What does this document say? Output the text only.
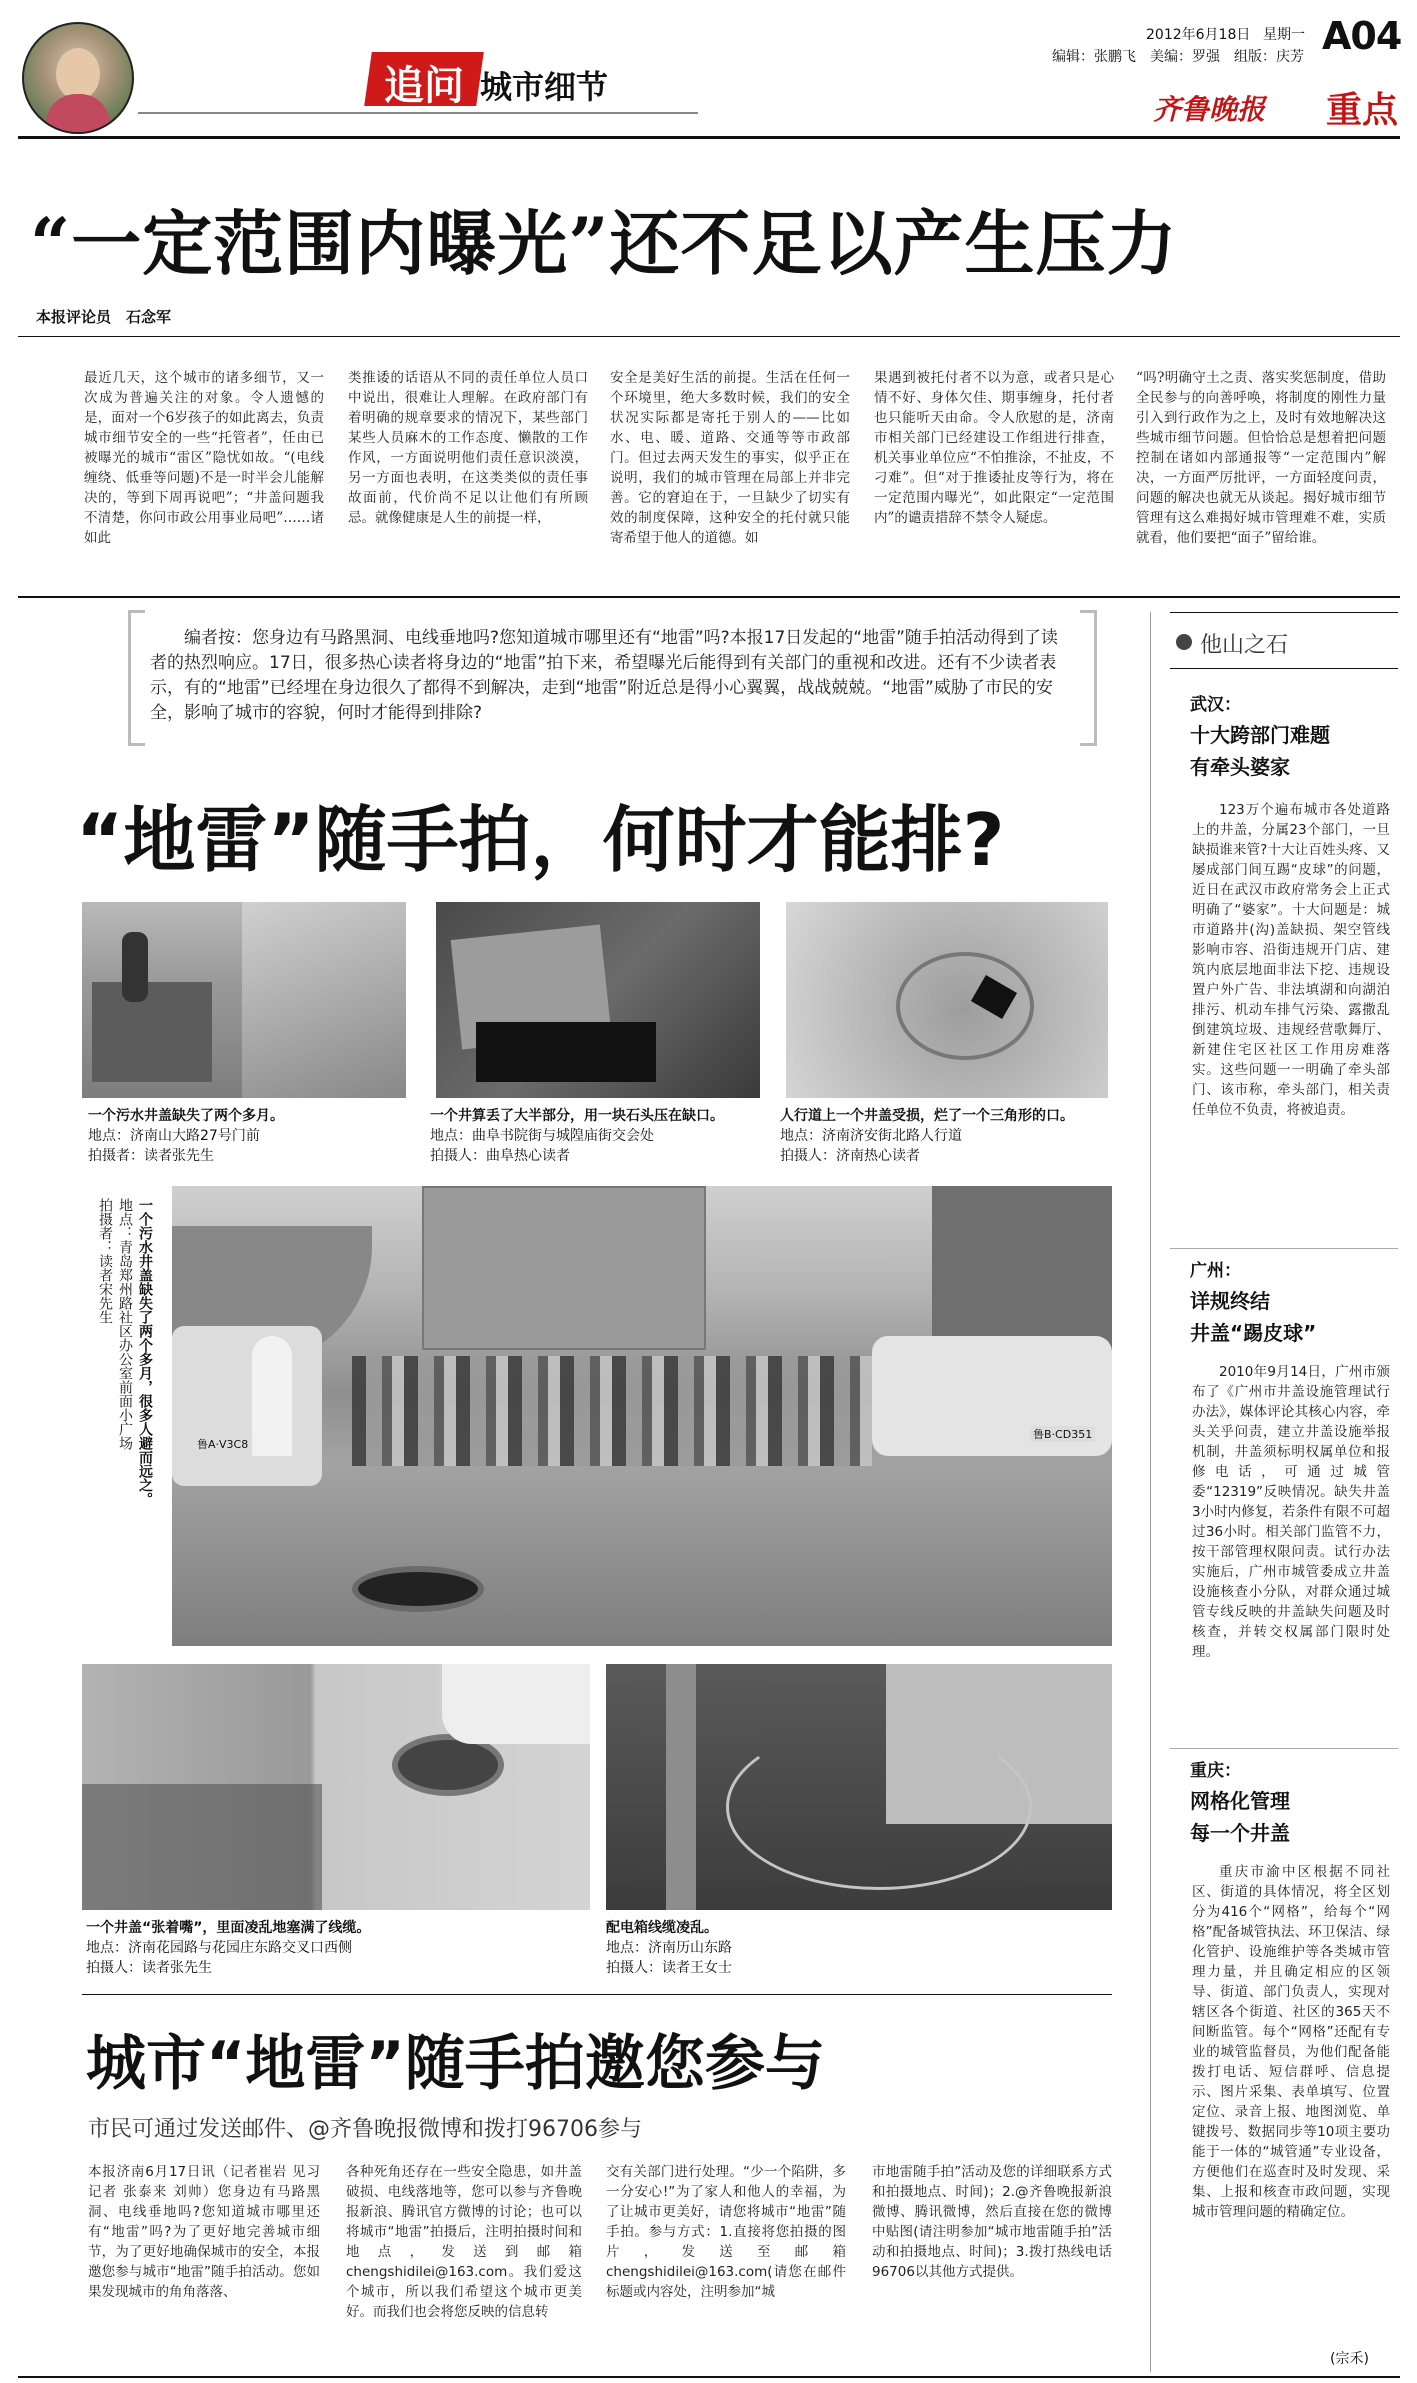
追问 城市细节
2012年6月18日 星期一 A04
编辑：张鹏飞　美编：罗强　组版：庆芳
齐鲁晚报 重点
“一定范围内曝光”还不足以产生压力
本报评论员　石念军
最近几天，这个城市的诸多细节，又一次成为普遍关注的对象。令人遗憾的是，面对一个6岁孩子的如此离去，负责城市细节安全的一些“托管者”，任由已被曝光的城市“雷区”隐忧如故。“(电线缠绕、低垂等问题)不是一时半会儿能解决的，等到下周再说吧”；“井盖问题我不清楚，你问市政公用事业局吧”……诸如此
类推诿的话语从不同的责任单位人员口中说出，很难让人理解。在政府部门有着明确的规章要求的情况下，某些部门某些人员麻木的工作态度、懒散的工作作风，一方面说明他们责任意识淡漠，另一方面也表明，在这类类似的责任事故面前，代价尚不足以让他们有所顾忌。就像健康是人生的前提一样，
安全是美好生活的前提。生活在任何一个环境里，绝大多数时候，我们的安全状况实际都是寄托于别人的——比如水、电、暖、道路、交通等等市政部门。但过去两天发生的事实，似乎正在说明，我们的城市管理在局部上并非完善。它的窘迫在于，一旦缺少了切实有效的制度保障，这种安全的托付就只能寄希望于他人的道德。如
果遇到被托付者不以为意，或者只是心情不好、身体欠佳、期事缠身，托付者也只能听天由命。令人欣慰的是，济南市相关部门已经建设工作组进行排查，机关事业单位应“不怕推涂，不扯皮，不刁难”。但“对于推诿扯皮等行为，将在一定范围内曝光”，如此限定“一定范围内”的谴责措辞不禁令人疑虑。
“吗?明确守土之责、落实奖惩制度，借助全民参与的向善呼唤，将制度的刚性力量引入到行政作为之上，及时有效地解决这些城市细节问题。但恰恰总是想着把问题控制在诸如内部通报等“一定范围内”解决，一方面严厉批评，一方面轻度问责，问题的解决也就无从谈起。揭好城市细节管理有这么难揭好城市管理难不难，实质就看，他们要把“面子”留给谁。
编者按：您身边有马路黑洞、电线垂地吗?您知道城市哪里还有“地雷”吗?本报17日发起的“地雷”随手拍活动得到了读者的热烈响应。17日，很多热心读者将身边的“地雷”拍下来，希望曝光后能得到有关部门的重视和改进。还有不少读者表示，有的“地雷”已经埋在身边很久了都得不到解决，走到“地雷”附近总是得小心翼翼，战战兢兢。“地雷”威胁了市民的安全，影响了城市的容貌，何时才能得到排除?
“地雷”随手拍，何时才能排?
一个污水井盖缺失了两个多月。
地点：济南山大路27号门前
拍摄者：读者张先生
一个井算丢了大半部分，用一块石头压在缺口。
地点：曲阜书院街与城隍庙街交会处
拍摄人：曲阜热心读者
人行道上一个井盖受损，烂了一个三角形的口。
地点：济南济安街北路人行道
拍摄人：济南热心读者
一个污水井盖缺失了两个多月，很多人避而远之。
地点：青岛郑州路社区办公室前面小广场
拍摄者：读者宋先生
鲁A·V3C8
鲁B·CD351
一个井盖“张着嘴”，里面凌乱地塞满了线缆。
地点：济南花园路与花园庄东路交叉口西侧
拍摄人：读者张先生
配电箱线缆凌乱。
地点：济南历山东路
拍摄人：读者王女士
城市“地雷”随手拍邀您参与
市民可通过发送邮件、@齐鲁晚报微博和拨打96706参与
本报济南6月17日讯（记者崔岩 见习记者 张泰来 刘帅）您身边有马路黑洞、电线垂地吗?您知道城市哪里还有“地雷”吗?为了更好地完善城市细节，为了更好地确保城市的安全，本报邀您参与城市“地雷”随手拍活动。您如果发现城市的角角落落、
各种死角还存在一些安全隐患，如井盖破损、电线落地等，您可以参与齐鲁晚报新浪、腾讯官方微博的讨论；也可以将城市“地雷”拍摄后，注明拍摄时间和地点，发送到邮箱chengshidilei@163.com。我们爱这个城市，所以我们希望这个城市更美好。而我们也会将您反映的信息转
交有关部门进行处理。“少一个陷阱，多一分安心!”为了家人和他人的幸福，为了让城市更美好，请您将城市“地雷”随手拍。参与方式：1.直接将您拍摄的图片，发送至邮箱chengshidilei@163.com(请您在邮件标题或内容处，注明参加“城
市地雷随手拍”活动及您的详细联系方式和拍摄地点、时间)；2.@齐鲁晚报新浪微博、腾讯微博，然后直接在您的微博中贴图(请注明参加“城市地雷随手拍”活动和拍摄地点、时间)；3.拨打热线电话96706以其他方式提供。
他山之石
武汉：
十大跨部门难题
有牵头婆家
123万个遍布城市各处道路上的井盖，分属23个部门，一旦缺损谁来管?十大让百姓头疼、又屡成部门间互踢“皮球”的问题，近日在武汉市政府常务会上正式明确了“婆家”。十大问题是：城市道路井(沟)盖缺损、架空管线影响市容、沿街违规开门店、建筑内底层地面非法下挖、违规设置户外广告、非法填湖和向湖泊排污、机动车排气污染、露撒乱倒建筑垃圾、违规经营歌舞厅、新建住宅区社区工作用房难落实。这些问题一一明确了牵头部门、该市称，牵头部门，相关责任单位不负责，将被追责。
广州：
详规终结
井盖“踢皮球”
2010年9月14日，广州市颁布了《广州市井盖设施管理试行办法》，媒体评论其核心内容，牵头关乎问责，建立井盖设施举报机制，井盖须标明权属单位和报修电话，可通过城管委“12319”反映情况。缺失井盖3小时内修复，若条件有限不可超过36小时。相关部门监管不力，按干部管理权限问责。试行办法实施后，广州市城管委成立井盖设施核查小分队，对群众通过城管专线反映的井盖缺失问题及时核查，并转交权属部门限时处理。
重庆：
网格化管理
每一个井盖
重庆市渝中区根据不同社区、街道的具体情况，将全区划分为416个“网格”，给每个“网格”配备城管执法、环卫保洁、绿化管护、设施维护等各类城市管理力量，并且确定相应的区领导、街道、部门负责人，实现对辖区各个街道、社区的365天不间断监管。每个“网格”还配有专业的城管监督员，为他们配备能拨打电话、短信群呼、信息提示、图片采集、表单填写、位置定位、录音上报、地图浏览、单键拨号、数据同步等10项主要功能于一体的“城管通”专业设备，方便他们在巡查时及时发现、采集、上报和核查市政问题，实现城市管理问题的精确定位。
(宗禾)
